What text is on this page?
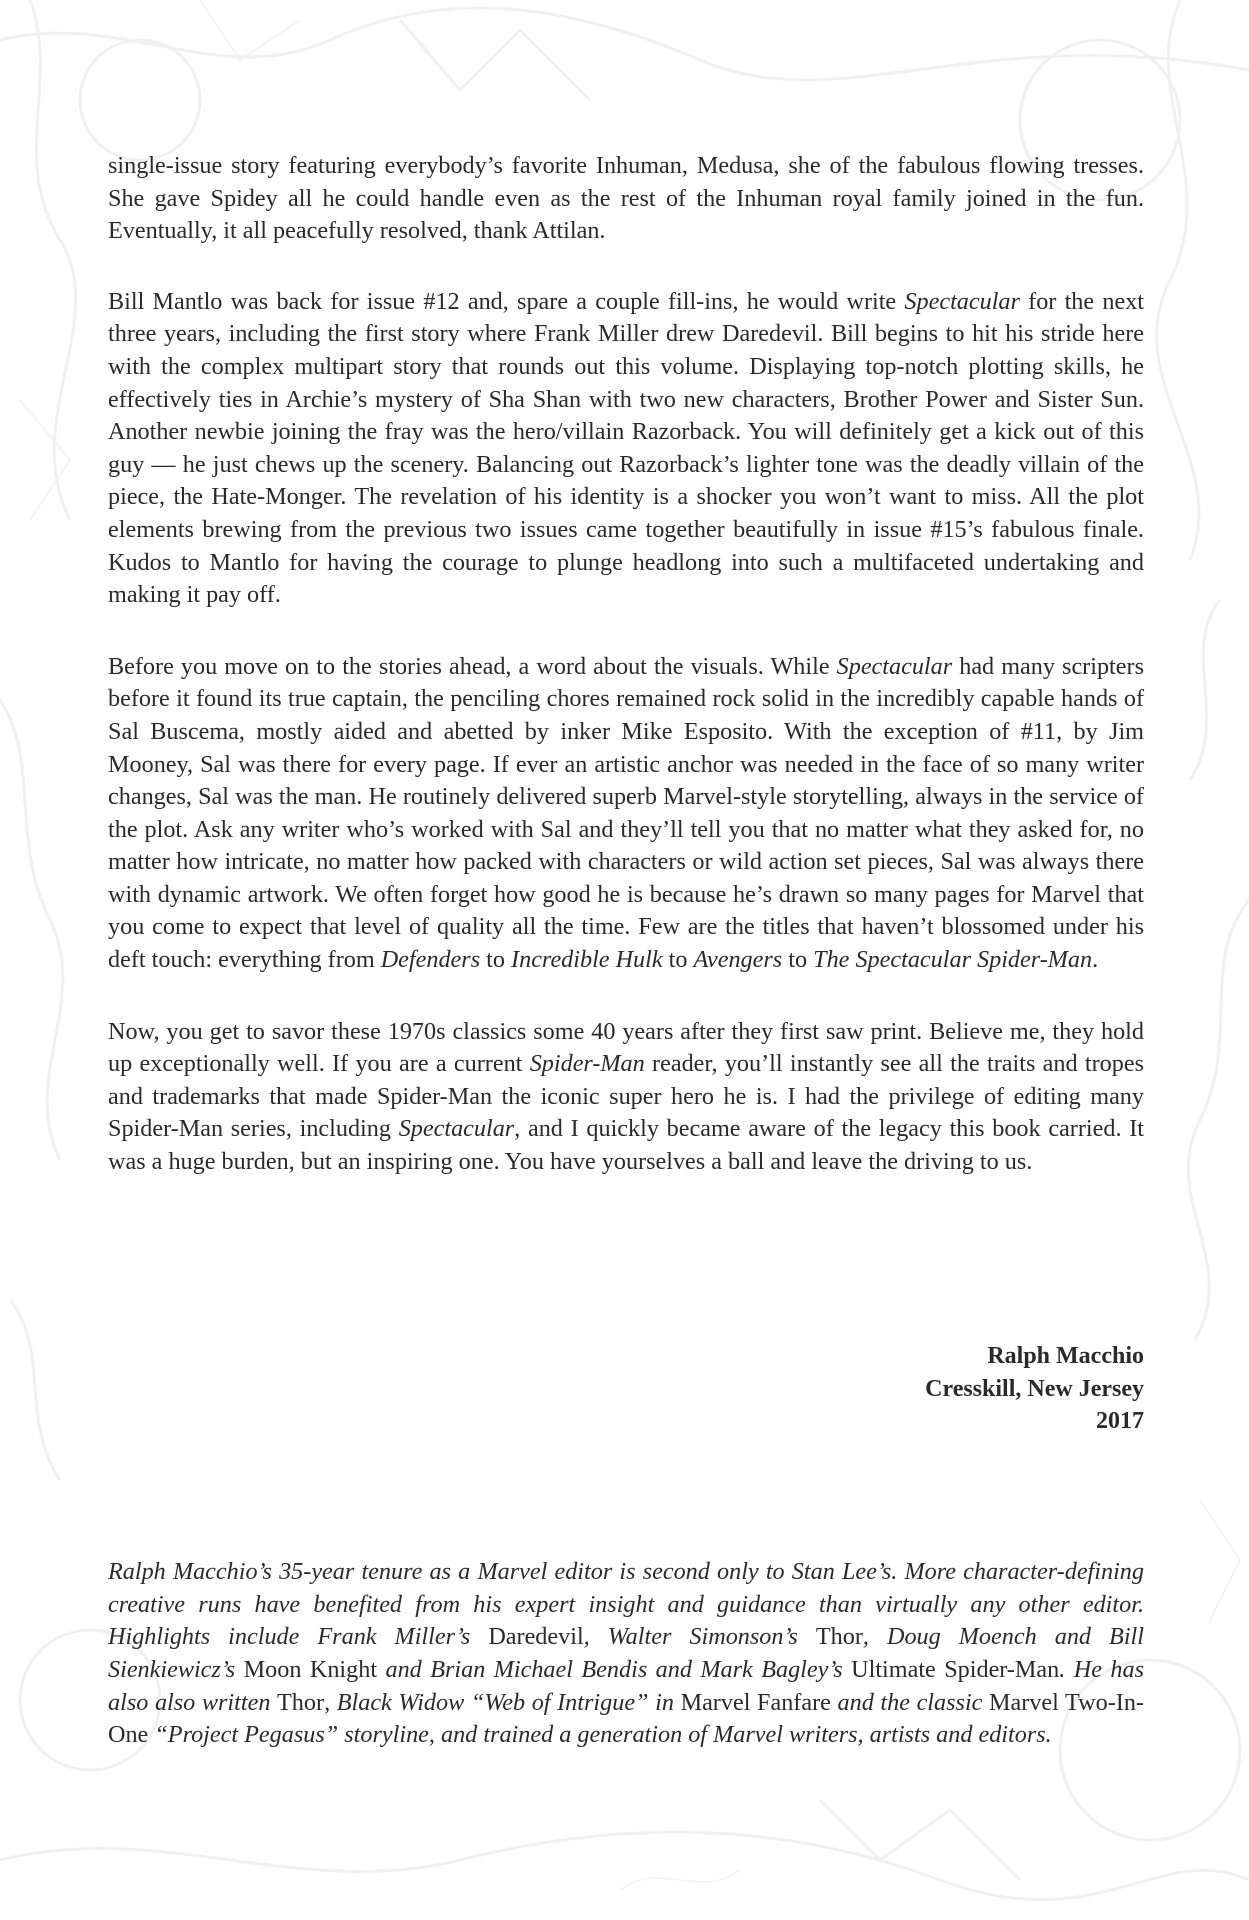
single-issue story featuring everybody’s favorite Inhuman, Medusa, she of the fabulous flowing tresses. She gave Spidey all he could handle even as the rest of the Inhuman royal family joined in the fun. Eventually, it all peacefully resolved, thank Attilan.

Bill Mantlo was back for issue #12 and, spare a couple fill-ins, he would write Spectacular for the next three years, including the first story where Frank Miller drew Daredevil. Bill begins to hit his stride here with the complex multipart story that rounds out this volume. Displaying top-notch plotting skills, he effectively ties in Archie’s mystery of Sha Shan with two new characters, Brother Power and Sister Sun. Another newbie joining the fray was the hero/villain Razorback. You will definitely get a kick out of this guy — he just chews up the scenery. Balancing out Razorback’s lighter tone was the deadly villain of the piece, the Hate-Monger. The revelation of his identity is a shocker you won’t want to miss. All the plot elements brewing from the previous two issues came together beautifully in issue #15’s fabulous finale. Kudos to Mantlo for having the courage to plunge headlong into such a multifaceted undertaking and making it pay off.

Before you move on to the stories ahead, a word about the visuals. While Spectacular had many scripters before it found its true captain, the penciling chores remained rock solid in the incredibly capable hands of Sal Buscema, mostly aided and abetted by inker Mike Esposito. With the exception of #11, by Jim Mooney, Sal was there for every page. If ever an artistic anchor was needed in the face of so many writer changes, Sal was the man. He routinely delivered superb Marvel-style storytelling, always in the service of the plot. Ask any writer who’s worked with Sal and they’ll tell you that no matter what they asked for, no matter how intricate, no matter how packed with characters or wild action set pieces, Sal was always there with dynamic artwork. We often forget how good he is because he’s drawn so many pages for Marvel that you come to expect that level of quality all the time. Few are the titles that haven’t blossomed under his deft touch: everything from Defenders to Incredible Hulk to Avengers to The Spectacular Spider-Man.

Now, you get to savor these 1970s classics some 40 years after they first saw print. Believe me, they hold up exceptionally well. If you are a current Spider-Man reader, you’ll instantly see all the traits and tropes and trademarks that made Spider-Man the iconic super hero he is. I had the privilege of editing many Spider-Man series, including Spectacular, and I quickly became aware of the legacy this book carried. It was a huge burden, but an inspiring one. You have yourselves a ball and leave the driving to us.

Ralph Macchio
Cresskill, New Jersey
2017

Ralph Macchio’s 35-year tenure as a Marvel editor is second only to Stan Lee’s. More character-defining creative runs have benefited from his expert insight and guidance than virtually any other editor. Highlights include Frank Miller’s Daredevil, Walter Simonson’s Thor, Doug Moench and Bill Sienkiewicz’s Moon Knight and Brian Michael Bendis and Mark Bagley’s Ultimate Spider-Man. He has also also written Thor, Black Widow “Web of Intrigue” in Marvel Fanfare and the classic Marvel Two-In-One “Project Pegasus” storyline, and trained a generation of Marvel writers, artists and editors.
